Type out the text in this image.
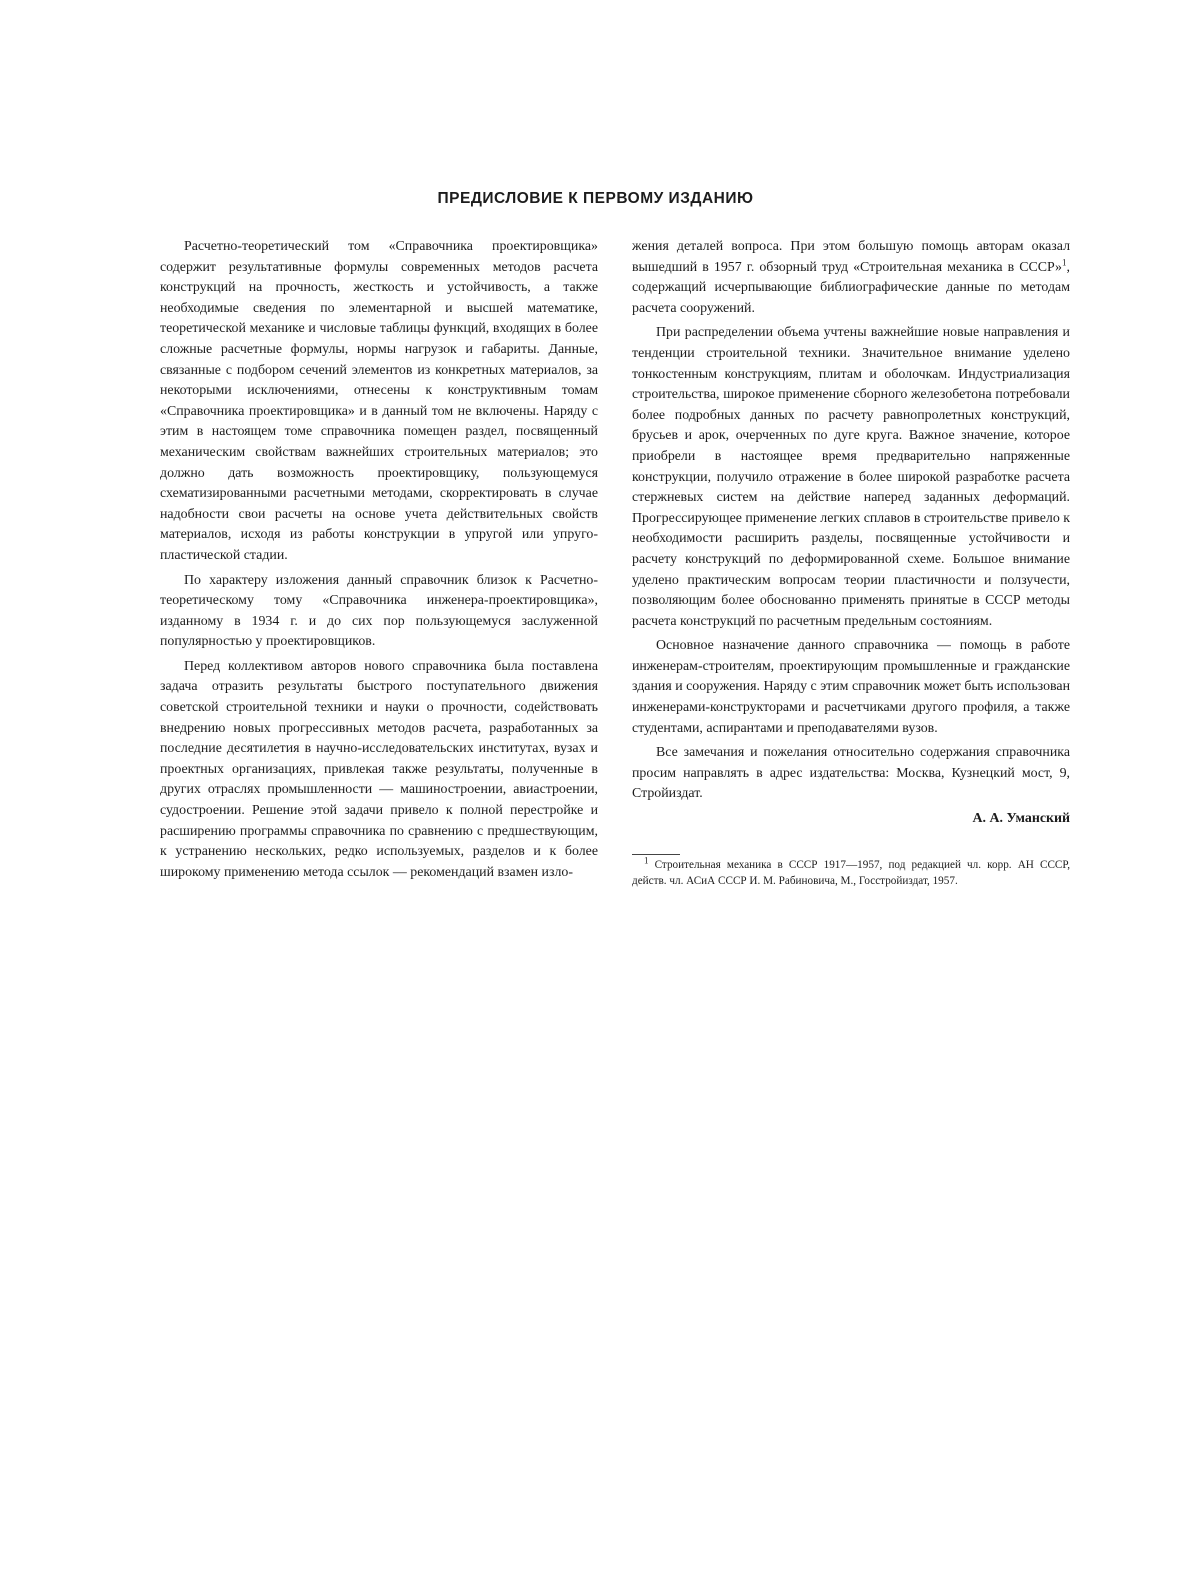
ПРЕДИСЛОВИЕ К ПЕРВОМУ ИЗДАНИЮ

Расчетно-теоретический том «Справочника проектировщика» содержит результативные формулы современных методов расчета конструкций на прочность, жесткость и устойчивость, а также необходимые сведения по элементарной и высшей математике, теоретической механике и числовые таблицы функций, входящих в более сложные расчетные формулы, нормы нагрузок и габариты. Данные, связанные с подбором сечений элементов из конкретных материалов, за некоторыми исключениями, отнесены к конструктивным томам «Справочника проектировщика» и в данный том не включены. Наряду с этим в настоящем томе справочника помещен раздел, посвященный механическим свойствам важнейших строительных материалов; это должно дать возможность проектировщику, пользующемуся схематизированными расчетными методами, скорректировать в случае надобности свои расчеты на основе учета действительных свойств материалов, исходя из работы конструкции в упругой или упруго-пластической стадии.

По характеру изложения данный справочник близок к Расчетно-теоретическому тому «Справочника инженера-проектировщика», изданному в 1934 г. и до сих пор пользующемуся заслуженной популярностью у проектировщиков.

Перед коллективом авторов нового справочника была поставлена задача отразить результаты быстрого поступательного движения советской строительной техники и науки о прочности, содействовать внедрению новых прогрессивных методов расчета, разработанных за последние десятилетия в научно-исследовательских институтах, вузах и проектных организациях, привлекая также результаты, полученные в других отраслях промышленности — машиностроении, авиастроении, судостроении. Решение этой задачи привело к полной перестройке и расширению программы справочника по сравнению с предшествующим, к устранению нескольких, редко используемых, разделов и к более широкому применению метода ссылок — рекомендаций взамен изло-

жения деталей вопроса. При этом большую помощь авторам оказал вышедший в 1957 г. обзорный труд «Строительная механика в СССР»$^1$, содержащий исчерпывающие библиографические данные по методам расчета сооружений.

При распределении объема учтены важнейшие новые направления и тенденции строительной техники. Значительное внимание уделено тонкостенным конструкциям, плитам и оболочкам. Индустриализация строительства, широкое применение сборного железобетона потребовали более подробных данных по расчету равнопролетных конструкций, брусьев и арок, очерченных по дуге круга. Важное значение, которое приобрели в настоящее время предварительно напряженные конструкции, получило отражение в более широкой разработке расчета стержневых систем на действие наперед заданных деформаций. Прогрессирующее применение легких сплавов в строительстве привело к необходимости расширить разделы, посвященные устойчивости и расчету конструкций по деформированной схеме. Большое внимание уделено практическим вопросам теории пластичности и ползучести, позволяющим более обоснованно применять принятые в СССР методы расчета конструкций по расчетным предельным состояниям.

Основное назначение данного справочника — помощь в работе инженерам-строителям, проектирующим промышленные и гражданские здания и сооружения. Наряду с этим справочник может быть использован инженерами-конструкторами и расчетчиками другого профиля, а также студентами, аспирантами и преподавателями вузов.

Все замечания и пожелания относительно содержания справочника просим направлять в адрес издательства: Москва, Кузнецкий мост, 9, Стройиздат.

А. А. Уманский

$^1$ Строительная механика в СССР 1917—1957, под редакцией чл. корр. АН СССР, действ. чл. АСиА СССР И. М. Рабиновича, М., Госстройиздат, 1957.
